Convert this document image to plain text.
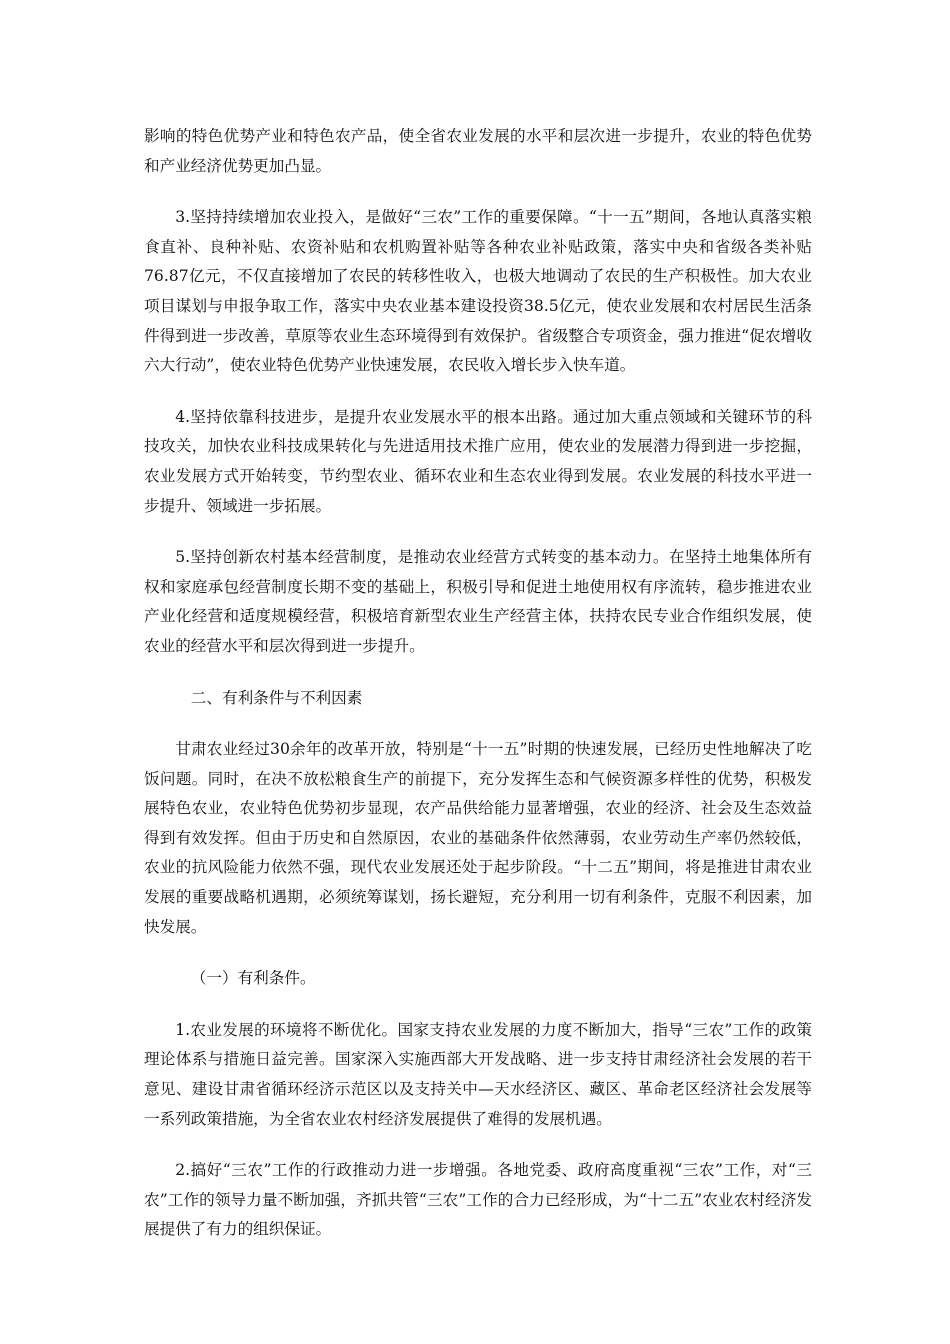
影响的特色优势产业和特色农产品，使全省农业发展的水平和层次进一步提升，农业的特色优势和产业经济优势更加凸显。

3.坚持持续增加农业投入，是做好“三农”工作的重要保障。“十一五”期间，各地认真落实粮食直补、良种补贴、农资补贴和农机购置补贴等各种农业补贴政策，落实中央和省级各类补贴76.87亿元，不仅直接增加了农民的转移性收入，也极大地调动了农民的生产积极性。加大农业项目谋划与申报争取工作，落实中央农业基本建设投资38.5亿元，使农业发展和农村居民生活条件得到进一步改善，草原等农业生态环境得到有效保护。省级整合专项资金，强力推进“促农增收六大行动”，使农业特色优势产业快速发展，农民收入增长步入快车道。

4.坚持依靠科技进步，是提升农业发展水平的根本出路。通过加大重点领域和关键环节的科技攻关，加快农业科技成果转化与先进适用技术推广应用，使农业的发展潜力得到进一步挖掘，农业发展方式开始转变，节约型农业、循环农业和生态农业得到发展。农业发展的科技水平进一步提升、领域进一步拓展。

5.坚持创新农村基本经营制度，是推动农业经营方式转变的基本动力。在坚持土地集体所有权和家庭承包经营制度长期不变的基础上，积极引导和促进土地使用权有序流转，稳步推进农业产业化经营和适度规模经营，积极培育新型农业生产经营主体，扶持农民专业合作组织发展，使农业的经营水平和层次得到进一步提升。

二、有利条件与不利因素

甘肃农业经过30余年的改革开放，特别是“十一五”时期的快速发展，已经历史性地解决了吃饭问题。同时，在决不放松粮食生产的前提下，充分发挥生态和气候资源多样性的优势，积极发展特色农业，农业特色优势初步显现，农产品供给能力显著增强，农业的经济、社会及生态效益得到有效发挥。但由于历史和自然原因，农业的基础条件依然薄弱，农业劳动生产率仍然较低，农业的抗风险能力依然不强，现代农业发展还处于起步阶段。“十二五”期间，将是推进甘肃农业发展的重要战略机遇期，必须统筹谋划，扬长避短，充分利用一切有利条件，克服不利因素，加快发展。

（一）有利条件。

1.农业发展的环境将不断优化。国家支持农业发展的力度不断加大，指导“三农”工作的政策理论体系与措施日益完善。国家深入实施西部大开发战略、进一步支持甘肃经济社会发展的若干意见、建设甘肃省循环经济示范区以及支持关中—天水经济区、藏区、革命老区经济社会发展等一系列政策措施，为全省农业农村经济发展提供了难得的发展机遇。

2.搞好“三农”工作的行政推动力进一步增强。各地党委、政府高度重视“三农”工作，对“三农”工作的领导力量不断加强，齐抓共管“三农”工作的合力已经形成，为“十二五”农业农村经济发展提供了有力的组织保证。
